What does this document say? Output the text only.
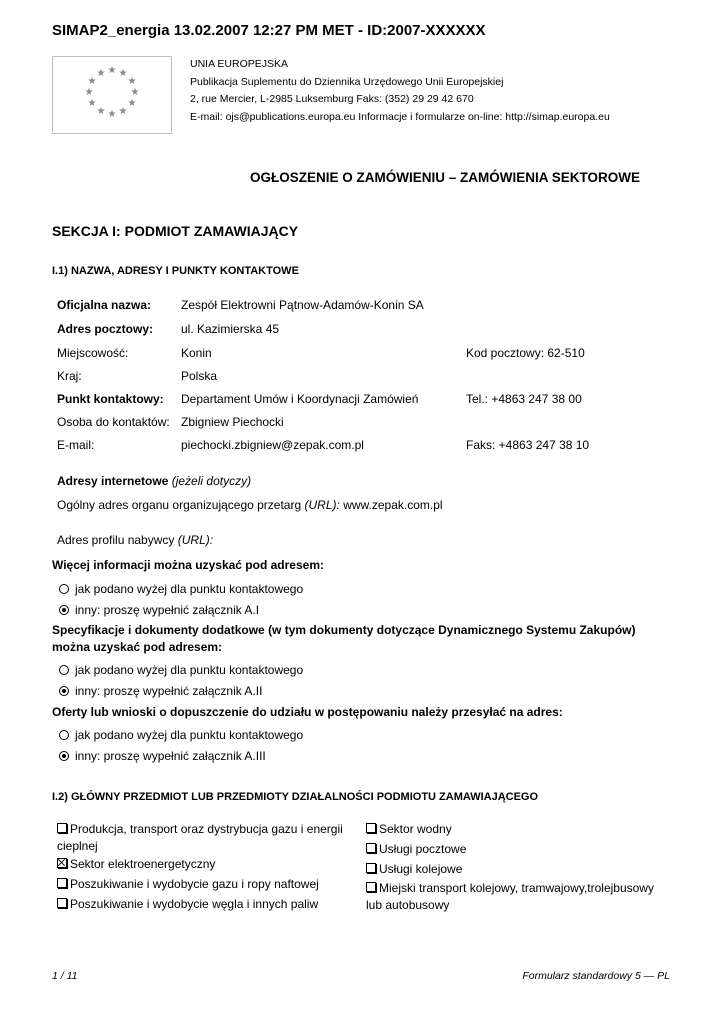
SIMAP2_energia 13.02.2007 12:27 PM MET - ID:2007-XXXXXX
★ ★
★
★
★
★
★
★
★
★
★
★
UNIA EUROPEJSKA
Publikacja Suplementu do Dziennika Urzędowego Unii Europejskiej
2, rue Mercier, L-2985 Luksemburg Faks: (352) 29 29 42 670
E-mail: ojs@publications.europa.eu Informacje i formularze on-line: http://simap.europa.eu
OGŁOSZENIE O ZAMÓWIENIU – ZAMÓWIENIA SEKTOROWE
SEKCJA I: PODMIOT ZAMAWIAJĄCY
I.1) NAZWA, ADRESY I PUNKTY KONTAKTOWE
Oficjalna nazwa: Zespół Elektrowni Pątnow-Adamów-Konin SA
Adres pocztowy: ul. Kazimierska 45
Miejscowość:	Konin	Kod pocztowy: 62-510
Kraj:	Polska
Punkt kontaktowy: Departament Umów i Koordynacji Zamówień	Tel.: +4863 247 38 00
Osoba do kontaktów: Zbigniew Piechocki
E-mail:	piechocki.zbigniew@zepak.com.pl	Faks: +4863 247 38 10
Adresy internetowe (jeżeli dotyczy)
Ogólny adres organu organizującego przetarg (URL): www.zepak.com.pl
Adres profilu nabywcy (URL):
Więcej informacji można uzyskać pod adresem:
jak podano wyżej dla punktu kontaktowego
inny: proszę wypełnić załącznik A.I
Specyfikacje i dokumenty dodatkowe (w tym dokumenty dotyczące Dynamicznego Systemu Zakupów)
można uzyskać pod adresem:
jak podano wyżej dla punktu kontaktowego
inny: proszę wypełnić załącznik A.II
Oferty lub wnioski o dopuszczenie do udziału w postępowaniu należy przesyłać na adres:
jak podano wyżej dla punktu kontaktowego
inny: proszę wypełnić załącznik A.III
I.2) GŁÓWNY PRZEDMIOT LUB PRZEDMIOTY DZIAŁALNOŚCI PODMIOTU ZAMAWIAJĄCEGO
Produkcja, transport oraz dystrybucja gazu i energii
cieplnej
Sektor elektroenergetyczny
Poszukiwanie i wydobycie gazu i ropy naftowej
Poszukiwanie i wydobycie węgla i innych paliw
Sektor wodny
Usługi pocztowe
Usługi kolejowe
Miejski transport kolejowy, tramwajowy,trolejbusowy
lub autobusowy
1 / 11	Formularz standardowy 5 — PL
